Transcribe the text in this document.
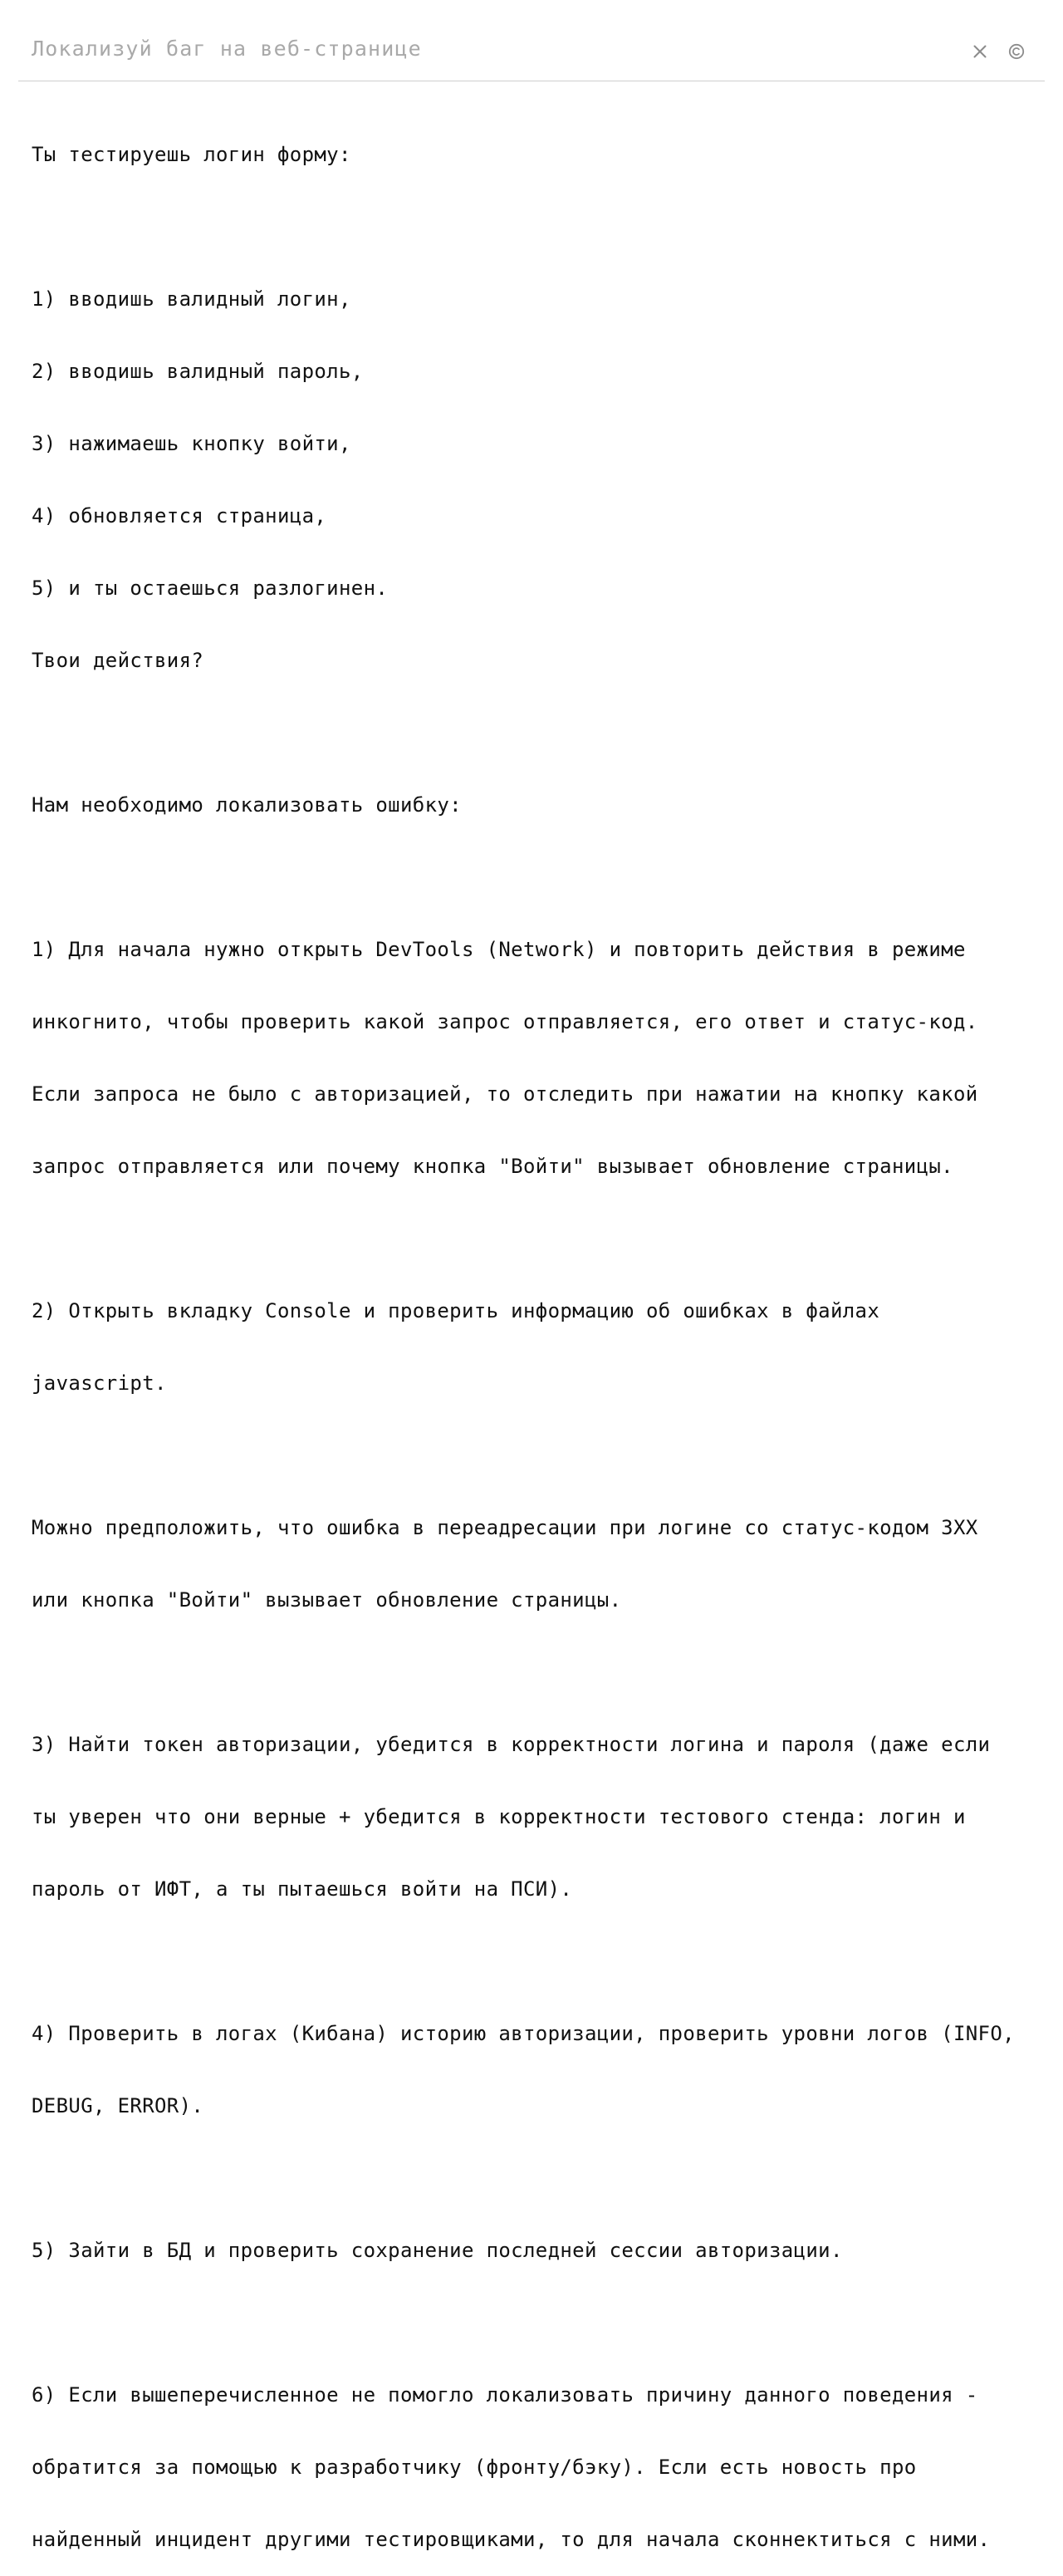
Локализуй баг на веб-странице

Ты тестируешь логин форму:

1) вводишь валидный логин,

2) вводишь валидный пароль,

3) нажимаешь кнопку войти,

4) обновляется страница,

5) и ты остаешься разлогинен.

Твои действия?

Нам необходимо локализовать ошибку:

1) Для начала нужно открыть DevTools (Network) и повторить действия в режиме

инкогнито, чтобы проверить какой запрос отправляется, его ответ и статус-код.

Если запроса не было с авторизацией, то отследить при нажатии на кнопку какой

запрос отправляется или почему кнопка "Войти" вызывает обновление страницы.

2) Открыть вкладку Console и проверить информацию об ошибках в файлах

javascript.

Можно предположить, что ошибка в переадресации при логине со статус-кодом 3XX

или кнопка "Войти" вызывает обновление страницы.

3) Найти токен авторизации, убедится в корректности логина и пароля (даже если

ты уверен что они верные + убедится в корректности тестового стенда: логин и

пароль от ИФТ, а ты пытаешься войти на ПСИ).

4) Проверить в логах (Кибана) историю авторизации, проверить уровни логов (INFO,

DEBUG, ERROR).

5) Зайти в БД и проверить сохранение последней сессии авторизации.

6) Если вышеперечисленное не помогло локализовать причину данного поведения -

обратится за помощью к разработчику (фронту/бэку). Если есть новость про

найденный инцидент другими тестировщиками, то для начала сконнектиться с ними.
